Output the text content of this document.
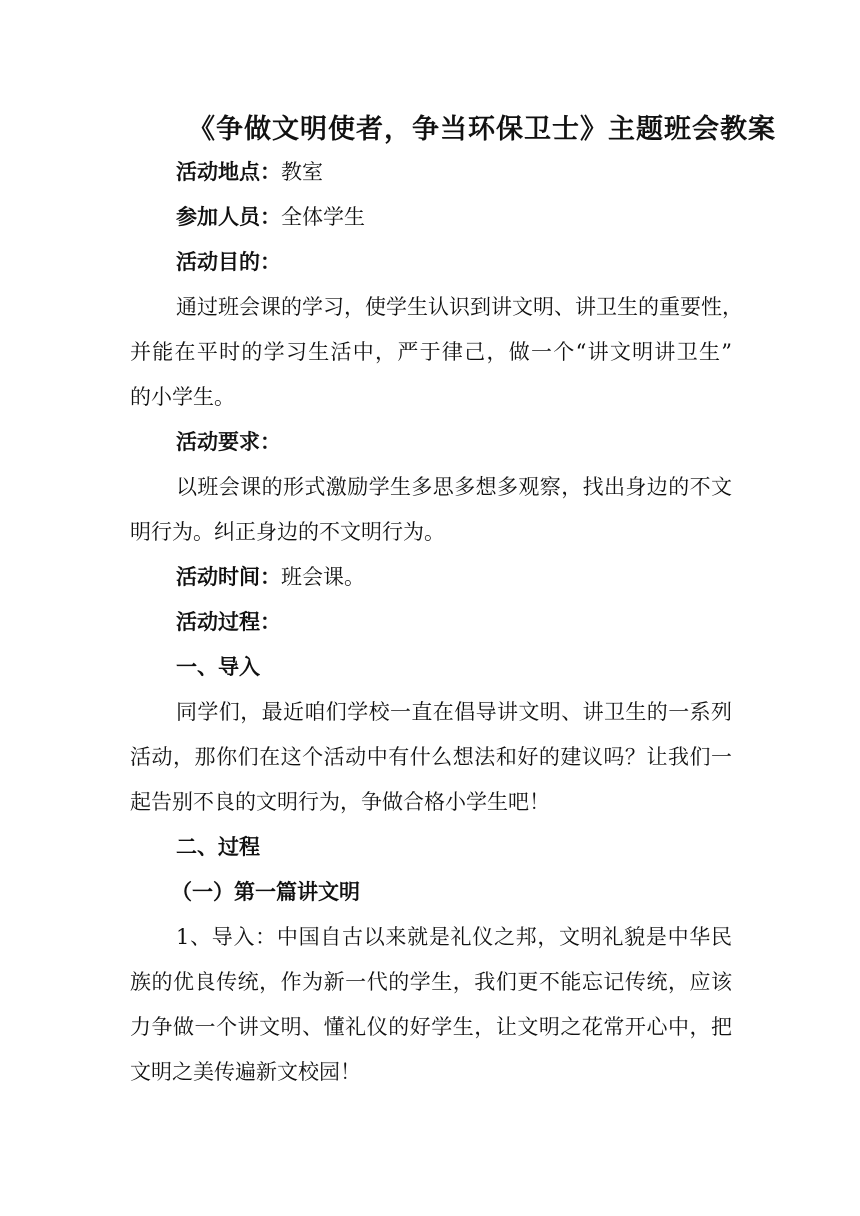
《争做文明使者，争当环保卫士》主题班会教案
活动地点：教室
参加人员：全体学生
活动目的：
通过班会课的学习，使学生认识到讲文明、讲卫生的重要性，
并能在平时的学习生活中，严于律己，做一个“讲文明讲卫生”
的小学生。
活动要求：
以班会课的形式激励学生多思多想多观察，找出身边的不文
明行为。纠正身边的不文明行为。
活动时间：班会课。
活动过程：
一、导入
同学们，最近咱们学校一直在倡导讲文明、讲卫生的一系列
活动，那你们在这个活动中有什么想法和好的建议吗？让我们一
起告别不良的文明行为，争做合格小学生吧！
二、过程
（一）第一篇讲文明
1、导入：中国自古以来就是礼仪之邦，文明礼貌是中华民
族的优良传统，作为新一代的学生，我们更不能忘记传统，应该
力争做一个讲文明、懂礼仪的好学生，让文明之花常开心中，把
文明之美传遍新文校园！
